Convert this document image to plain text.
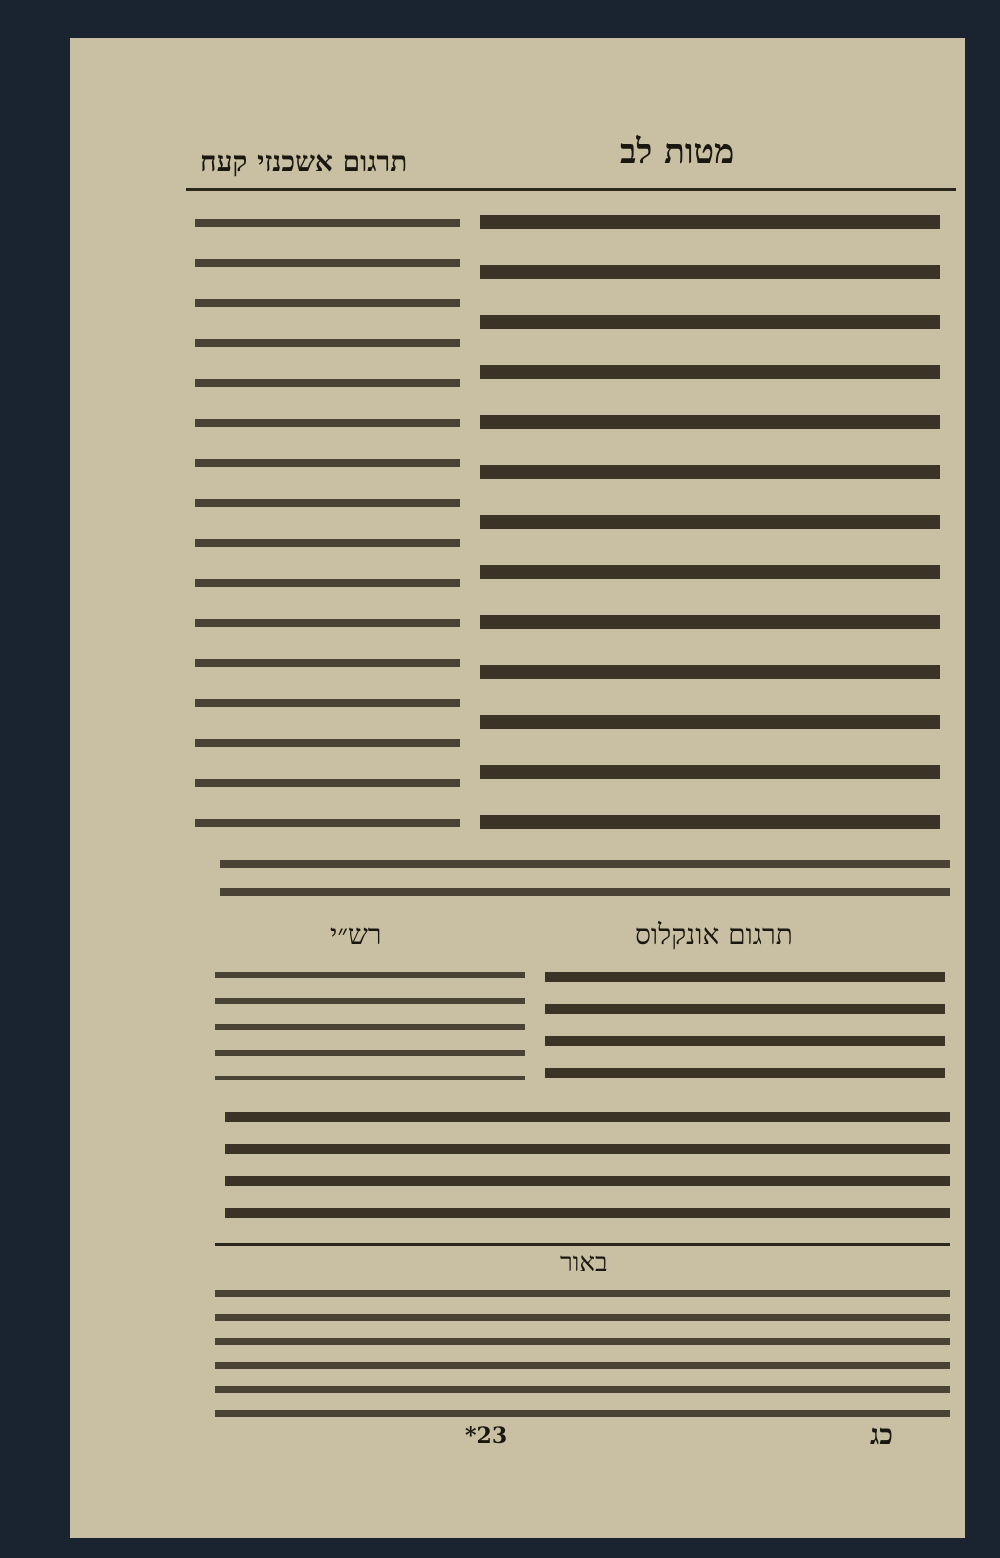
מטות לב
תרגום אשכנזי קעח
תרגום אונקלוס
רש״י
באור
23*	כג
